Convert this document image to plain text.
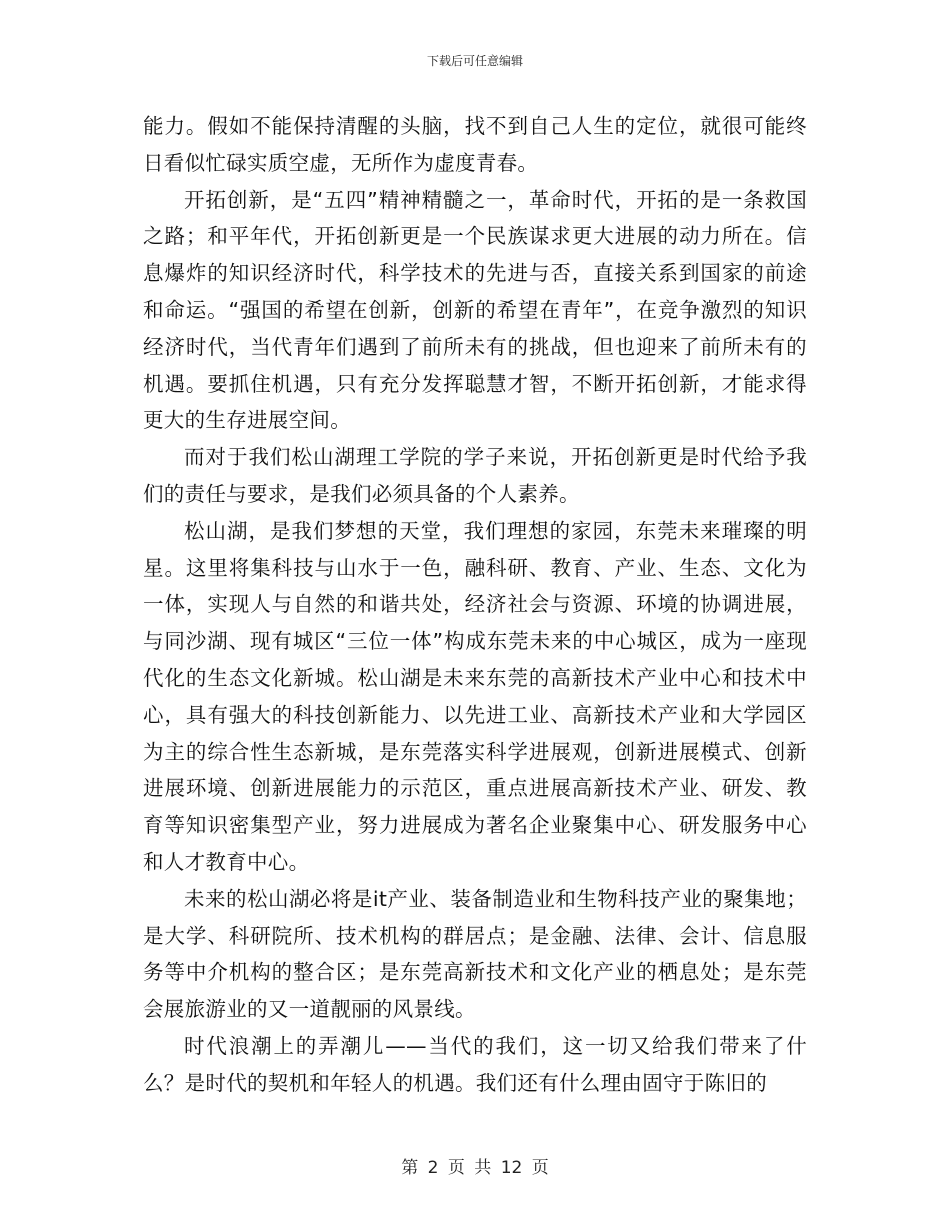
下载后可任意编辑

能力。假如不能保持清醒的头脑，找不到自己人生的定位，就很可能终日看似忙碌实质空虚，无所作为虚度青春。

开拓创新，是“五四”精神精髓之一，革命时代，开拓的是一条救国之路；和平年代，开拓创新更是一个民族谋求更大进展的动力所在。信息爆炸的知识经济时代，科学技术的先进与否，直接关系到国家的前途和命运。“强国的希望在创新，创新的希望在青年”，在竞争激烈的知识经济时代，当代青年们遇到了前所未有的挑战，但也迎来了前所未有的机遇。要抓住机遇，只有充分发挥聪慧才智，不断开拓创新，才能求得更大的生存进展空间。

而对于我们松山湖理工学院的学子来说，开拓创新更是时代给予我们的责任与要求，是我们必须具备的个人素养。

松山湖，是我们梦想的天堂，我们理想的家园，东莞未来璀璨的明星。这里将集科技与山水于一色，融科研、教育、产业、生态、文化为一体，实现人与自然的和谐共处，经济社会与资源、环境的协调进展，与同沙湖、现有城区“三位一体”构成东莞未来的中心城区，成为一座现代化的生态文化新城。松山湖是未来东莞的高新技术产业中心和技术中心，具有强大的科技创新能力、以先进工业、高新技术产业和大学园区为主的综合性生态新城，是东莞落实科学进展观，创新进展模式、创新进展环境、创新进展能力的示范区，重点进展高新技术产业、研发、教育等知识密集型产业，努力进展成为著名企业聚集中心、研发服务中心和人才教育中心。

未来的松山湖必将是it产业、装备制造业和生物科技产业的聚集地；是大学、科研院所、技术机构的群居点；是金融、法律、会计、信息服务等中介机构的整合区；是东莞高新技术和文化产业的栖息处；是东莞会展旅游业的又一道靓丽的风景线。

时代浪潮上的弄潮儿——当代的我们，这一切又给我们带来了什么？是时代的契机和年轻人的机遇。我们还有什么理由固守于陈旧的

第 2 页 共 12 页
